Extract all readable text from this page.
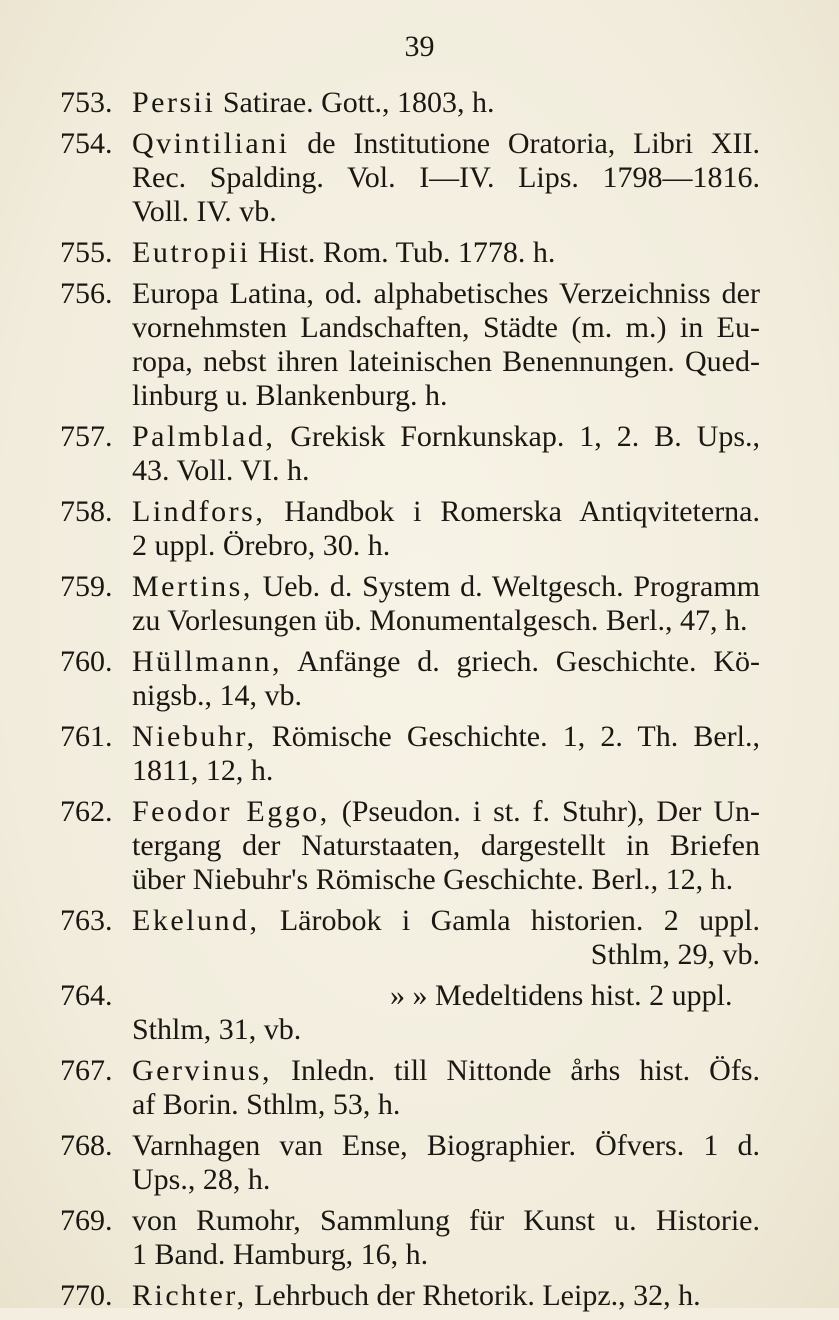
39
753. Persii Satirae. Gott., 1803, h.
754. Qvintiliani de Institutione Oratoria, Libri XII.
Rec. Spalding. Vol. I—IV. Lips. 1798—1816.
Voll. IV. vb.
755. Eutropii Hist. Rom. Tub. 1778. h.
756. Europa Latina, od. alphabetisches Verzeichniss der
vornehmsten Landschaften, Städte (m. m.) in Eu-
ropa, nebst ihren lateinischen Benennungen. Qued-
linburg u. Blankenburg. h.
757. Palmblad, Grekisk Fornkunskap. 1, 2. B. Ups.,
43. Voll. VI. h.
758. Lindfors, Handbok i Romerska Antiqviteterna.
2 uppl. Örebro, 30. h.
759. Mertins, Ueb. d. System d. Weltgesch. Programm
zu Vorlesungen üb. Monumentalgesch. Berl., 47, h.
760. Hüllmann, Anfänge d. griech. Geschichte. Kö-
nigsb., 14, vb.
761. Niebuhr, Römische Geschichte. 1, 2. Th. Berl.,
1811, 12, h.
762. Feodor Eggo, (Pseudon. i st. f. Stuhr), Der Un-
tergang der Naturstaaten, dargestellt in Briefen
über Niebuhr's Römische Geschichte. Berl., 12, h.
763. Ekelund, Lärobok i Gamla historien. 2 uppl.
Sthlm, 29, vb.
764.	» » Medeltidens hist. 2 uppl.
Sthlm, 31, vb.
767. Gervinus, Inledn. till Nittonde århs hist. Öfs.
af Borin. Sthlm, 53, h.
768. Varnhagen van Ense, Biographier. Öfvers. 1 d.
Ups., 28, h.
769. von Rumohr, Sammlung für Kunst u. Historie.
1 Band. Hamburg, 16, h.
770. Richter, Lehrbuch der Rhetorik. Leipz., 32, h.
